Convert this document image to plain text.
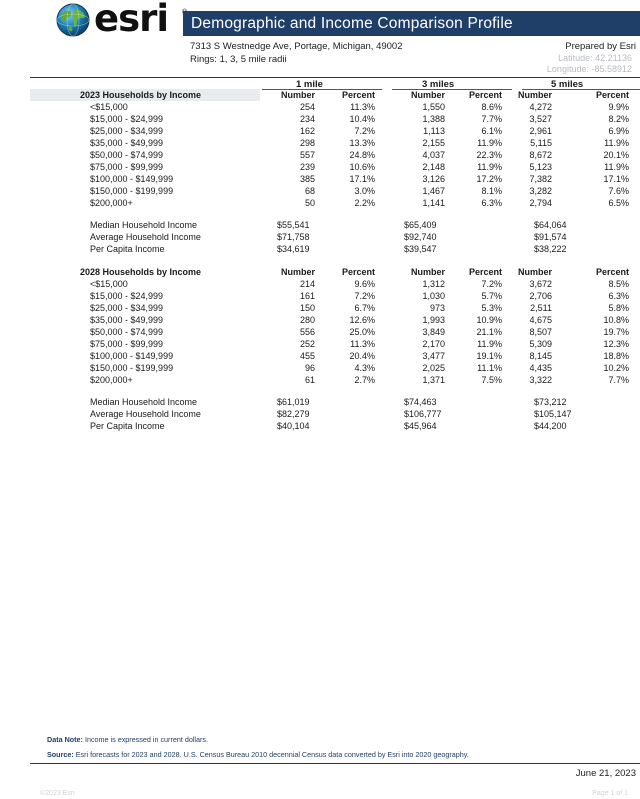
esri	Demographic and Income Comparison Profile
7313 S Westnedge Ave, Portage, Michigan, 49002
Rings: 1, 3, 5 mile radii
Prepared by Esri
Latitude: 42.21136
Longitude: -85.58912
1 mile	3 miles	5 miles
2023 Households by Income	Number	Percent	Number	Percent Number	Percent
<$15,000	254	11.3%	1,550	8.6%	4,272	9.9%
$15,000 - $24,999	234	10.4%	1,388	7.7%	3,527	8.2%
$25,000 - $34,999	162	7.2%	1,113	6.1%	2,961	6.9%
$35,000 - $49,999	298	13.3%	2,155	11.9%	5,115	11.9%
$50,000 - $74,999	557	24.8%	4,037	22.3%	8,672	20.1%
$75,000 - $99,999	239	10.6%	2,148	11.9%	5,123	11.9%
$100,000 - $149,999	385	17.1%	3,126	17.2%	7,382	17.1%
$150,000 - $199,999	68	3.0%	1,467	8.1%	3,282	7.6%
$200,000+	50	2.2%	1,141	6.3%	2,794	6.5%
Median Household Income	$55,541	$65,409	$64,064
Average Household Income	$71,758	$92,740	$91,574
Per Capita Income	$34,619	$39,547	$38,222
2028 Households by Income	Number	Percent	Number	Percent Number	Percent
<$15,000	214	9.6%	1,312	7.2%	3,672	8.5%
$15,000 - $24,999	161	7.2%	1,030	5.7%	2,706	6.3%
$25,000 - $34,999	150	6.7%	973	5.3%	2,511	5.8%
$35,000 - $49,999	280	12.6%	1,993	10.9%	4,675	10.8%
$50,000 - $74,999	556	25.0%	3,849	21.1%	8,507	19.7%
$75,000 - $99,999	252	11.3%	2,170	11.9%	5,309	12.3%
$100,000 - $149,999	455	20.4%	3,477	19.1%	8,145	18.8%
$150,000 - $199,999	96	4.3%	2,025	11.1%	4,435	10.2%
$200,000+	61	2.7%	1,371	7.5%	3,322	7.7%
Median Household Income	$61,019	$74,463	$73,212
Average Household Income	$82,279	$106,777	$105,147
Per Capita Income	$40,104	$45,964	$44,200
Data Note: Income is expressed in current dollars.
Source: Esri forecasts for 2023 and 2028. U.S. Census Bureau 2010 decennial Census data converted by Esri into 2020 geography.
June 21, 2023
©2023 Esri	Page 1 of 1
